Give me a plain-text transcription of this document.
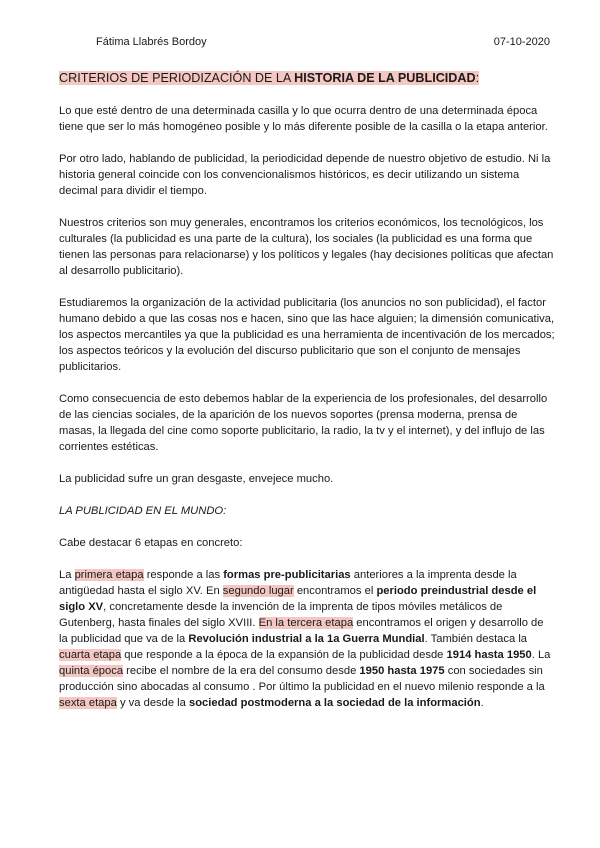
Fátima Llabrés Bordoy	07-10-2020
CRITERIOS DE PERIODIZACIÓN DE LA HISTORIA DE LA PUBLICIDAD:

Lo que esté dentro de una determinada casilla y lo que ocurra dentro de una determinada época tiene que ser lo más homogéneo posible y lo más diferente posible de la casilla o la etapa anterior.

Por otro lado, hablando de publicidad, la periodicidad depende de nuestro objetivo de estudio. Ni la historia general coincide con los convencionalismos históricos, es decir utilizando un sistema decimal para dividir el tiempo.

Nuestros criterios son muy generales, encontramos los criterios económicos, los tecnológicos, los culturales (la publicidad es una parte de la cultura), los sociales (la publicidad es una forma que tienen las personas para relacionarse) y los políticos y legales (hay decisiones políticas que afectan al desarrollo publicitario).

Estudiaremos la organización de la actividad publicitaria (los anuncios no son publicidad), el factor humano debido a que las cosas nos e hacen, sino que las hace alguien; la dimensión comunicativa, los aspectos mercantiles ya que la publicidad es una herramienta de incentivación de los mercados; los aspectos teóricos y la evolución del discurso publicitario que son el conjunto de mensajes publicitarios.

Como consecuencia de esto debemos hablar de la experiencia de los profesionales, del desarrollo de las ciencias sociales, de la aparición de los nuevos soportes (prensa moderna, prensa de masas, la llegada del cine como soporte publicitario, la radio, la tv y el internet), y del influjo de las corrientes estéticas.

La publicidad sufre un gran desgaste, envejece mucho.

LA PUBLICIDAD EN EL MUNDO:

Cabe destacar 6 etapas en concreto:

La primera etapa responde a las formas pre-publicitarias anteriores a la imprenta desde la antigüedad hasta el siglo XV. En segundo lugar encontramos el periodo preindustrial desde el siglo XV, concretamente desde la invención de la imprenta de tipos móviles metálicos de Gutenberg, hasta finales del siglo XVIII. En la tercera etapa encontramos el origen y desarrollo de la publicidad que va de la Revolución industrial a la 1a Guerra Mundial. También destaca la cuarta etapa que responde a la época de la expansión de la publicidad desde 1914 hasta 1950. La quinta época recibe el nombre de la era del consumo desde 1950 hasta 1975 con sociedades sin producción sino abocadas al consumo . Por último la publicidad en el nuevo milenio responde a la sexta etapa y va desde la sociedad postmoderna a la sociedad de la información.
